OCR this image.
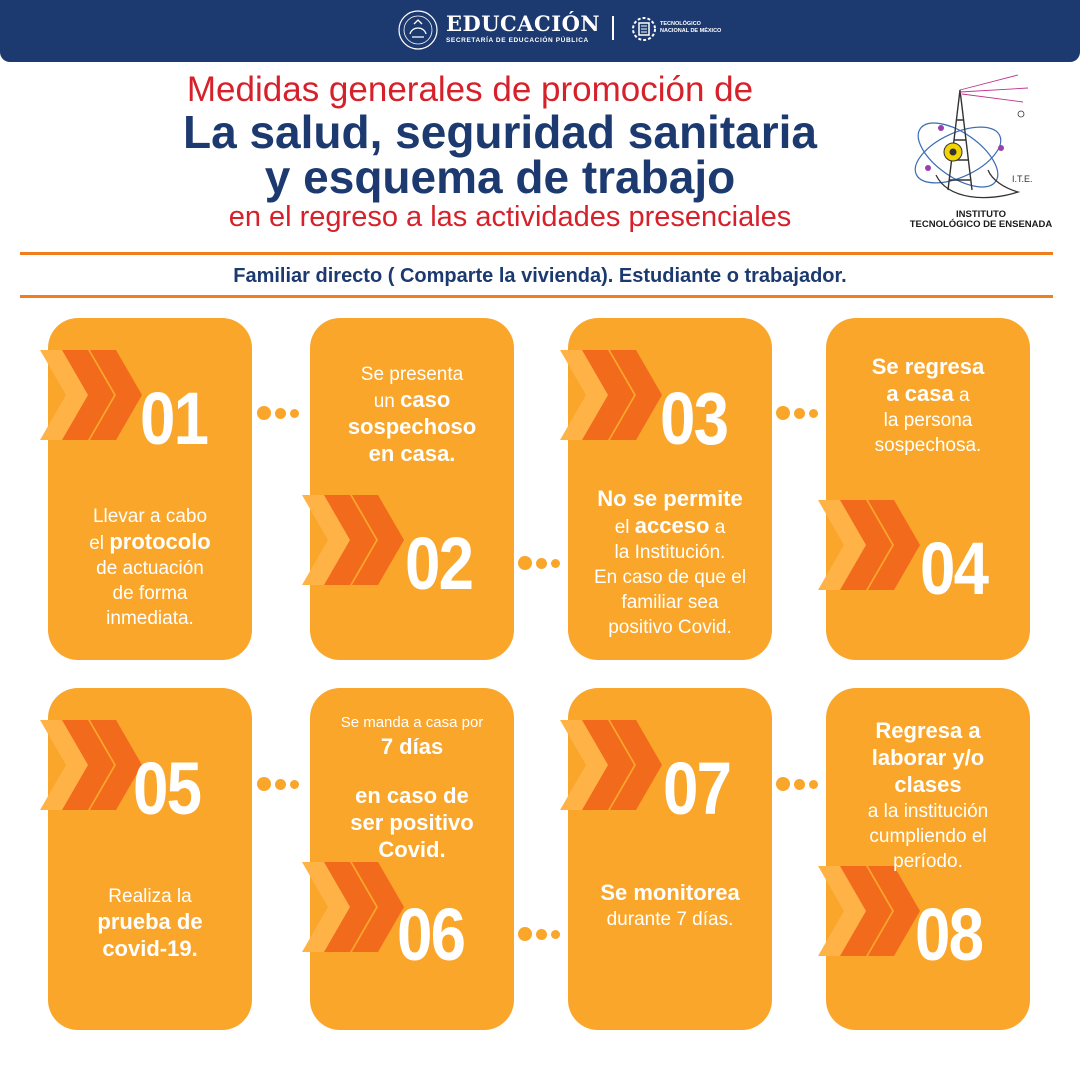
EDUCACIÓN
SECRETARÍA DE EDUCACIÓN PÚBLICA
TECNOLÓGICO NACIONAL DE MÉXICO
Medidas generales de promoción de
La salud, seguridad sanitaria
y esquema de trabajo
en el regreso a las actividades presenciales
I.T.E.
INSTITUTO
TECNOLÓGICO DE ENSENADA
Familiar directo ( Comparte la vivienda). Estudiante o trabajador.
01
02
03
04
05
06
07
08
Llevar a cabo
el protocolo
de actuación
de forma
inmediata.
Se presenta
un caso
sospechoso
en casa.
No se permite
el acceso a
la Institución.
En caso de que el
familiar sea
positivo Covid.
Se regresa
a casa a
la persona
sospechosa.
Realiza la
prueba de
covid-19.
Se manda a casa por
7 días
en caso de
ser positivo
Covid.
Se monitorea
durante 7 días.
Regresa a
laborar y/o
clases
a la institución
cumpliendo el
período.
